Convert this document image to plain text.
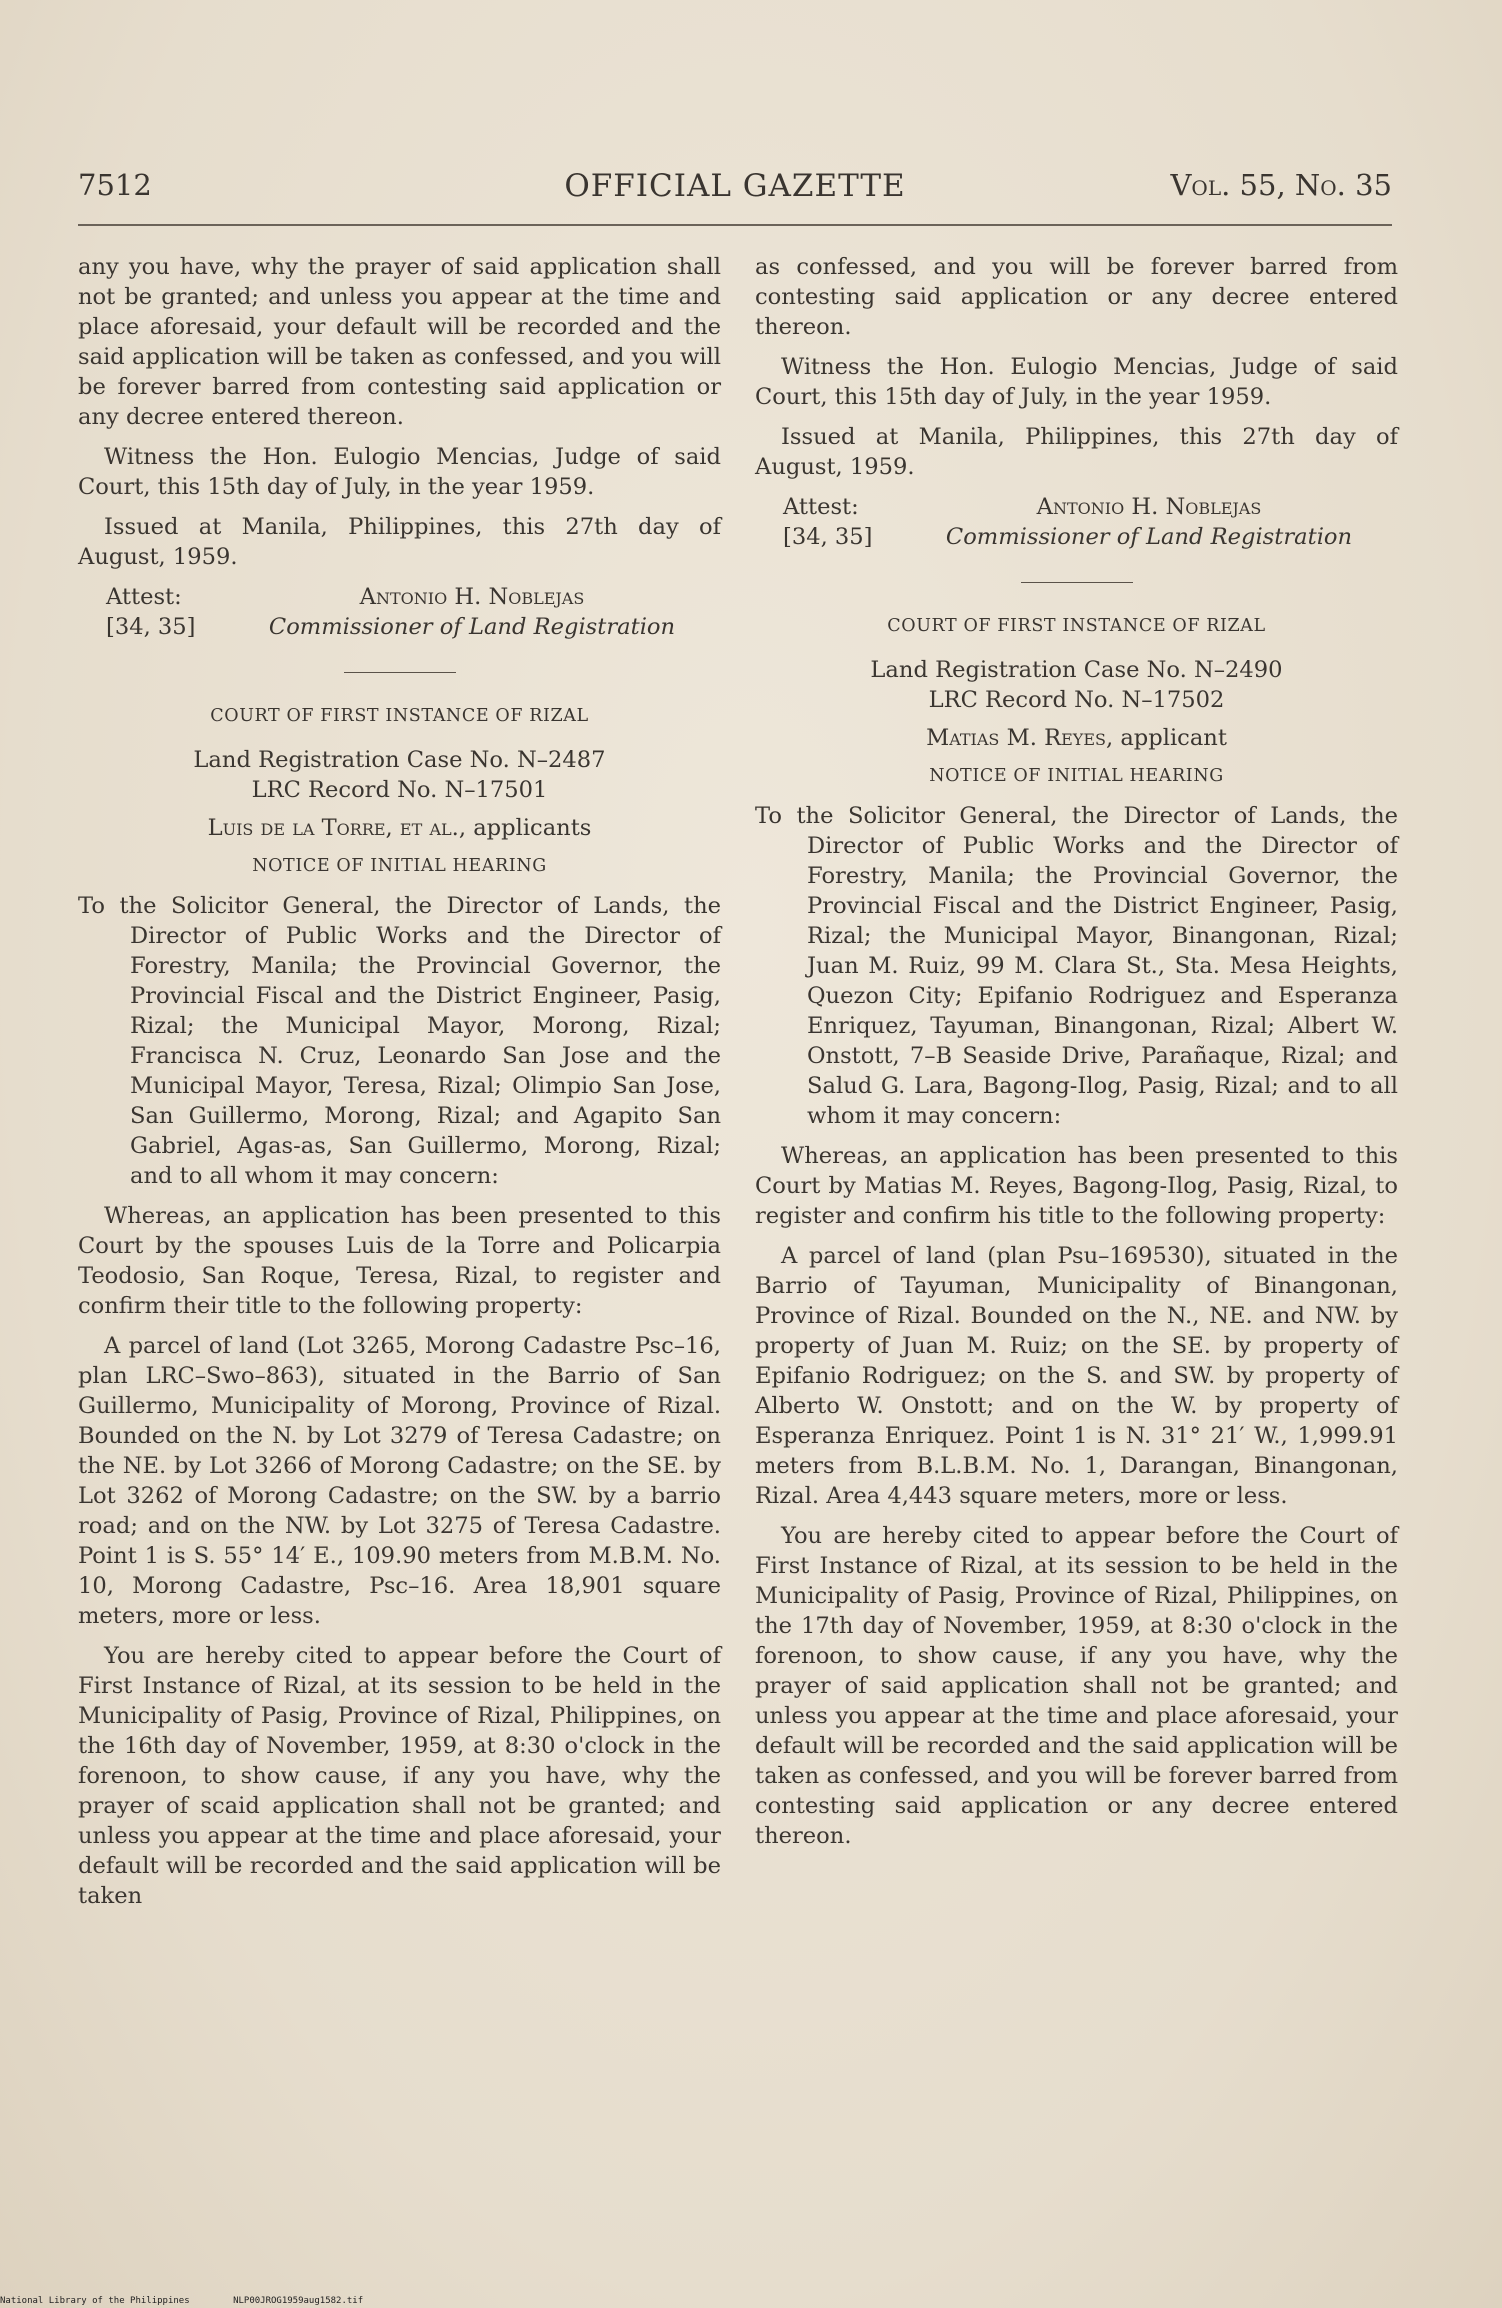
7512	OFFICIAL GAZETTE	Vol. 55, No. 35

any you have, why the prayer of said application shall not be granted; and unless you appear at the time and place aforesaid, your default will be recorded and the said application will be taken as confessed, and you will be forever barred from contesting said application or any decree entered thereon.

Witness the Hon. Eulogio Mencias, Judge of said Court, this 15th day of July, in the year 1959.

Issued at Manila, Philippines, this 27th day of August, 1959.

Attest:
[34, 35]
Antonio H. Noblejas
Commissioner of Land Registration
COURT OF FIRST INSTANCE OF RIZAL

Land Registration Case No. N–2487

LRC Record No. N–17501

Luis de la Torre, et al., applicants

NOTICE OF INITIAL HEARING

To the Solicitor General, the Director of Lands, the Director of Public Works and the Director of Forestry, Manila; the Provincial Governor, the Provincial Fiscal and the District Engineer, Pasig, Rizal; the Municipal Mayor, Morong, Rizal; Francisca N. Cruz, Leonardo San Jose and the Municipal Mayor, Teresa, Rizal; Olimpio San Jose, San Guillermo, Morong, Rizal; and Agapito San Gabriel, Agas-as, San Guillermo, Morong, Rizal; and to all whom it may concern:

Whereas, an application has been presented to this Court by the spouses Luis de la Torre and Policarpia Teodosio, San Roque, Teresa, Rizal, to register and confirm their title to the following property:

A parcel of land (Lot 3265, Morong Cadastre Psc–16, plan LRC–Swo–863), situated in the Barrio of San Guillermo, Municipality of Morong, Province of Rizal. Bounded on the N. by Lot 3279 of Teresa Cadastre; on the NE. by Lot 3266 of Morong Cadastre; on the SE. by Lot 3262 of Morong Cadastre; on the SW. by a barrio road; and on the NW. by Lot 3275 of Teresa Cadastre. Point 1 is S. 55° 14′ E., 109.90 meters from M.B.M. No. 10, Morong Cadastre, Psc–16. Area 18,901 square meters, more or less.

You are hereby cited to appear before the Court of First Instance of Rizal, at its session to be held in the Municipality of Pasig, Province of Rizal, Philippines, on the 16th day of November, 1959, at 8:30 o'clock in the forenoon, to show cause, if any you have, why the prayer of scaid application shall not be granted; and unless you appear at the time and place aforesaid, your default will be recorded and the said application will be taken

as confessed, and you will be forever barred from contesting said application or any decree entered thereon.

Witness the Hon. Eulogio Mencias, Judge of said Court, this 15th day of July, in the year 1959.

Issued at Manila, Philippines, this 27th day of August, 1959.

Attest:
[34, 35]
Antonio H. Noblejas
Commissioner of Land Registration
COURT OF FIRST INSTANCE OF RIZAL

Land Registration Case No. N–2490

LRC Record No. N–17502

Matias M. Reyes, applicant

NOTICE OF INITIAL HEARING

To the Solicitor General, the Director of Lands, the Director of Public Works and the Director of Forestry, Manila; the Provincial Governor, the Provincial Fiscal and the District Engineer, Pasig, Rizal; the Municipal Mayor, Binangonan, Rizal; Juan M. Ruiz, 99 M. Clara St., Sta. Mesa Heights, Quezon City; Epifanio Rodriguez and Esperanza Enriquez, Tayuman, Binangonan, Rizal; Albert W. Onstott, 7–B Seaside Drive, Parañaque, Rizal; and Salud G. Lara, Bagong-Ilog, Pasig, Rizal; and to all whom it may concern:

Whereas, an application has been presented to this Court by Matias M. Reyes, Bagong-Ilog, Pasig, Rizal, to register and confirm his title to the following property:

A parcel of land (plan Psu–169530), situated in the Barrio of Tayuman, Municipality of Binangonan, Province of Rizal. Bounded on the N., NE. and NW. by property of Juan M. Ruiz; on the SE. by property of Epifanio Rodriguez; on the S. and SW. by property of Alberto W. Onstott; and on the W. by property of Esperanza Enriquez. Point 1 is N. 31° 21′ W., 1,999.91 meters from B.L.B.M. No. 1, Darangan, Binangonan, Rizal. Area 4,443 square meters, more or less.

You are hereby cited to appear before the Court of First Instance of Rizal, at its session to be held in the Municipality of Pasig, Province of Rizal, Philippines, on the 17th day of November, 1959, at 8:30 o'clock in the forenoon, to show cause, if any you have, why the prayer of said application shall not be granted; and unless you appear at the time and place aforesaid, your default will be recorded and the said application will be taken as confessed, and you will be forever barred from contesting said application or any decree entered thereon.

National Library of the Philippines	NLP00JROG1959aug1582.tif
